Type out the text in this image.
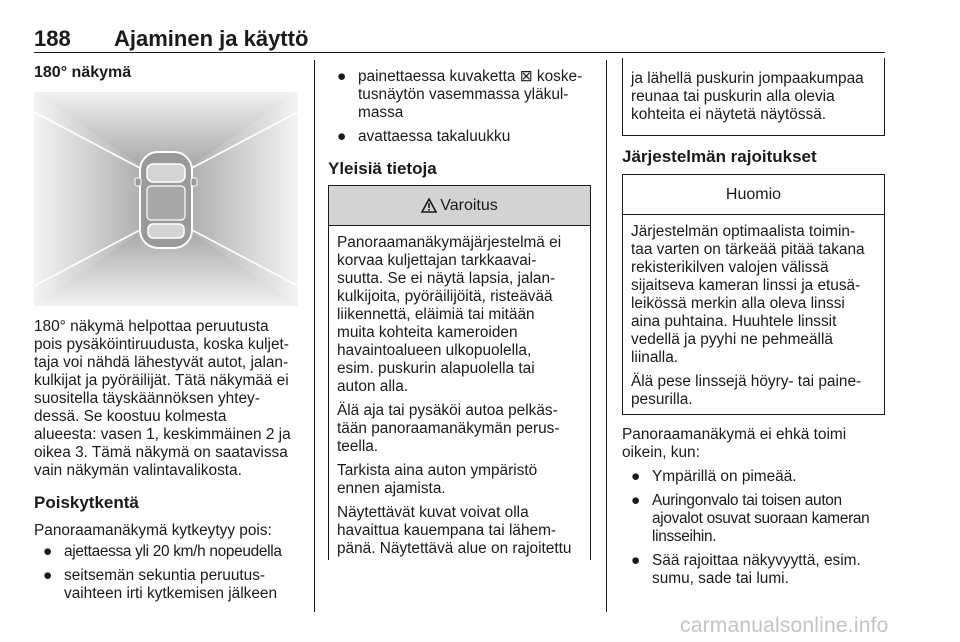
188 Ajaminen ja käyttö

180° näkymä

180° näkymä helpottaa peruutusta

pois pysäköintiruudusta, koska kuljet-

taja voi nähdä lähestyvät autot, jalan-

kulkijat ja pyöräilijät. Tätä näkymää ei

suositella täyskäännöksen yhtey-

dessä. Se koostuu kolmesta

alueesta: vasen 1, keskimmäinen 2 ja

oikea 3. Tämä näkymä on saatavissa

vain näkymän valintavalikosta.

Poiskytkentä

Panoraamanäkymä kytkeytyy pois:

● ajettaessa yli 20 km/h nopeudella

● seitsemän sekuntia peruutus-

vaihteen irti kytkemisen jälkeen

● painettaessa kuvaketta ⊠ koske-

tusnäytön vasemmassa yläkul-

massa

● avattaessa takaluukku

Yleisiä tietoja

Varoitus

Panoraamanäkymäjärjestelmä ei
korvaa kuljettajan tarkkaavai-
suutta. Se ei näytä lapsia, jalan-
kulkijoita, pyöräilijöitä, risteävää
liikennettä, eläimiä tai mitään
muita kohteita kameroiden
havaintoalueen ulkopuolella,
esim. puskurin alapuolella tai
auton alla.

Älä aja tai pysäköi autoa pelkäs-
tään panoraamanäkymän perus-
teella.

Tarkista aina auton ympäristö
ennen ajamista.

Näytettävät kuvat voivat olla
havaittua kauempana tai lähem-
pänä. Näytettävä alue on rajoitettu

ja lähellä puskurin jompaakumpaa
reunaa tai puskurin alla olevia
kohteita ei näytetä näytössä.

Järjestelmän rajoitukset

Huomio

Järjestelmän optimaalista toimin-
taa varten on tärkeää pitää takana
rekisterikilven valojen välissä
sijaitseva kameran linssi ja etusä-
leikössä merkin alla oleva linssi
aina puhtaina. Huuhtele linssit
vedellä ja pyyhi ne pehmeällä
liinalla.

Älä pese linssejä höyry- tai paine-
pesurilla.

Panoraamanäkymä ei ehkä toimi

oikein, kun:

● Ympärillä on pimeää.

● Auringonvalo tai toisen auton

ajovalot osuvat suoraan kameran

linsseihin.

● Sää rajoittaa näkyvyyttä, esim.

sumu, sade tai lumi.

carmanualsonline.info
